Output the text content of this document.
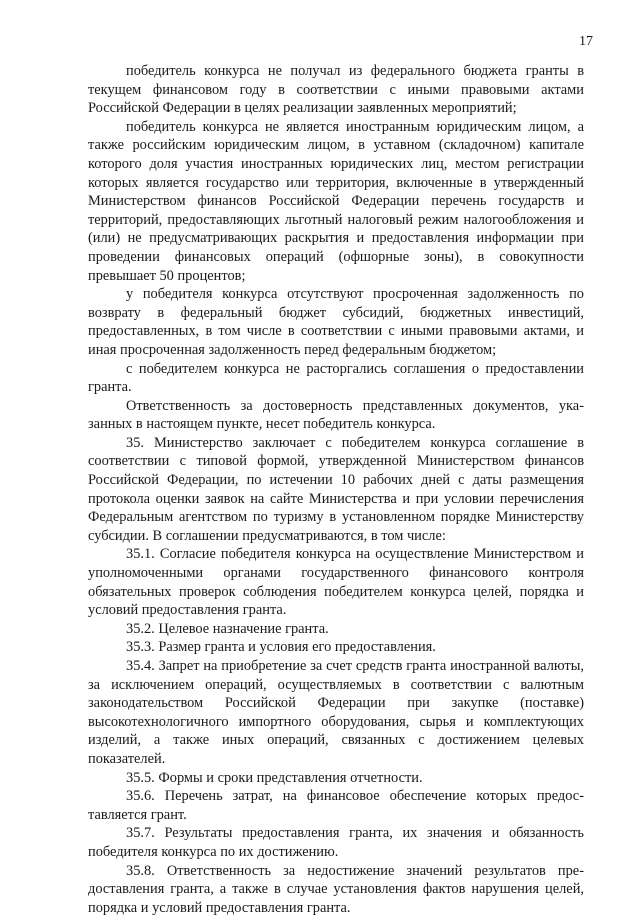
17

победитель конкурса не получал из федерального бюджета гранты в текущем финансовом году в соответствии с иными правовыми актами Российской Федерации в целях реализации заявленных мероприятий;

победитель конкурса не является иностранным юридическим лицом, а также российским юридическим лицом, в уставном (складочном) капитале которого доля участия иностранных юридических лиц, местом регистрации которых является государство или территория, включенные в утвержденный Министерством финансов Российской Федерации перечень государств и территорий, предоставляющих льготный налоговый режим налогообложения и (или) не предусматривающих раскрытия и предоставления информации при проведении финансовых операций (офшорные зоны), в совокупности превышает 50 процентов;

у победителя конкурса отсутствуют просроченная задолженность по возврату в федеральный бюджет субсидий, бюджетных инвестиций, предоставленных, в том числе в соответствии с иными правовыми актами, и иная просроченная задолженность перед федеральным бюджетом;

с победителем конкурса не расторгались соглашения о предоставлении гранта.

Ответственность за достоверность представленных документов, указанных в настоящем пункте, несет победитель конкурса.

35. Министерство заключает с победителем конкурса соглашение в соответствии с типовой формой, утвержденной Министерством финансов Российской Федерации, по истечении 10 рабочих дней с даты размещения протокола оценки заявок на сайте Министерства и при условии перечисления Федеральным агентством по туризму в установленном порядке Министерству субсидии. В соглашении предусматриваются, в том числе:

35.1. Согласие победителя конкурса на осуществление Министерством и уполномоченными органами государственного финансового контроля обязательных проверок соблюдения победителем конкурса целей, порядка и условий предоставления гранта.

35.2. Целевое назначение гранта.

35.3. Размер гранта и условия его предоставления.

35.4. Запрет на приобретение за счет средств гранта иностранной валюты, за исключением операций, осуществляемых в соответствии с валютным законодательством Российской Федерации при закупке (поставке) высокотехнологичного импортного оборудования, сырья и комплектующих изделий, а также иных операций, связанных с достижением целевых показателей.

35.5. Формы и сроки представления отчетности.

35.6. Перечень затрат, на финансовое обеспечение которых предоставляется грант.

35.7. Результаты предоставления гранта, их значения и обязанность победителя конкурса по их достижению.

35.8. Ответственность за недостижение значений результатов предоставления гранта, а также в случае установления фактов нарушения целей, порядка и условий предоставления гранта.
